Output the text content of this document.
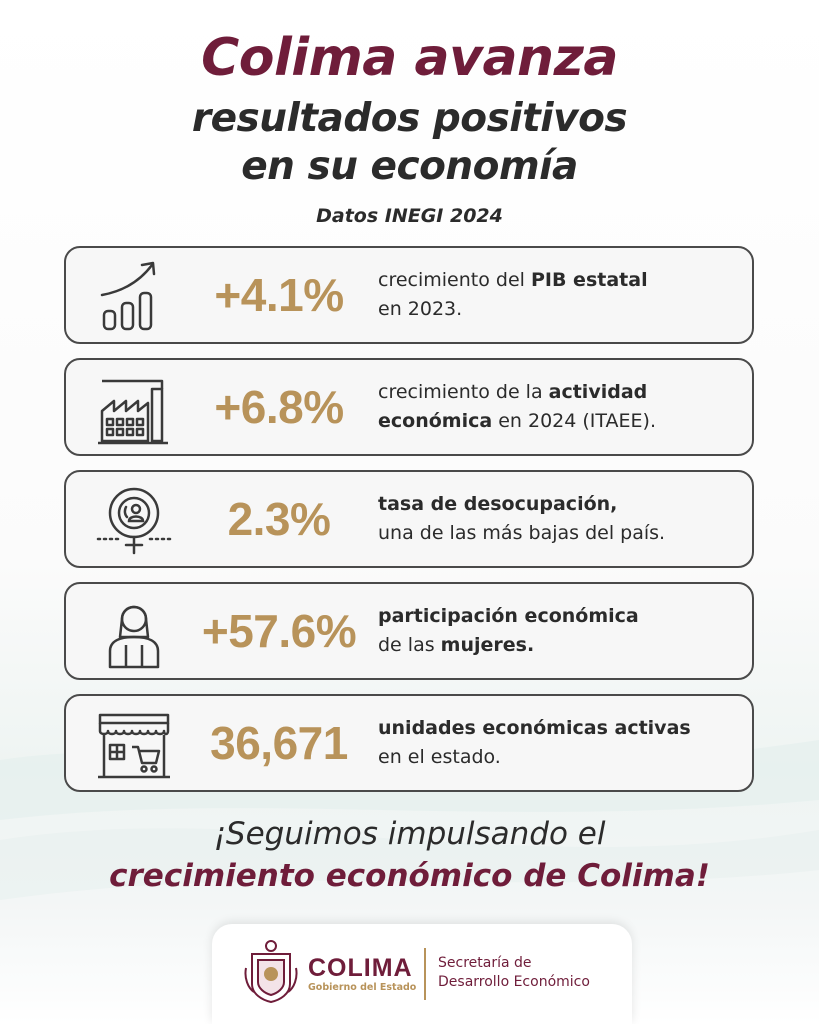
Colima avanza
resultados positivos
en su economía
Datos INEGI 2024
+4.1%	crecimiento del PIB estatal
en 2023.
+6.8%	crecimiento de la actividad
económica en 2024 (ITAEE).
2.3%	tasa de desocupación,
una de las más bajas del país.
+57.6%	participación económica
de las mujeres.
36,671	unidades económicas activas
en el estado.
¡Seguimos impulsando el
crecimiento económico de Colima!
COLIMA
Gobierno del Estado
Secretaría de
Desarrollo Económico
